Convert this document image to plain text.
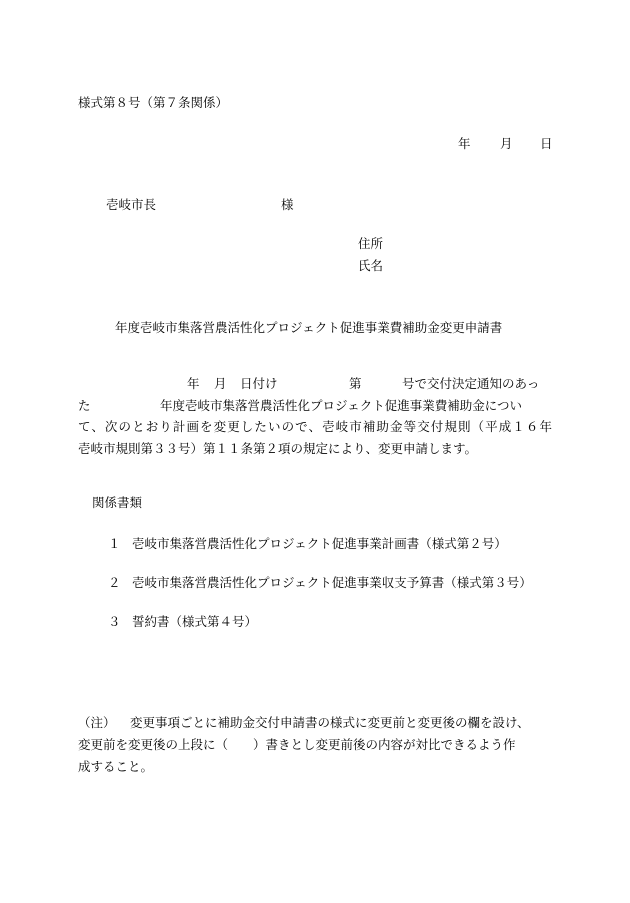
様式第８号（第７条関係）
年 月 日
壱岐市長	様
住所
氏名
年度壱岐市集落営農活性化プロジェクト促進事業費補助金変更申請書
年 月 日付け	第	号で交付決定通知のあっ
た	年度壱岐市集落営農活性化プロジェクト促進事業費補助金につい
て、次のとおり計画を変更したいので、壱岐市補助金等交付規則（平成１６年
壱岐市規則第３３号）第１１条第２項の規定により、変更申請します。
関係書類
１ 壱岐市集落営農活性化プロジェクト促進事業計画書（様式第２号）
２ 壱岐市集落営農活性化プロジェクト促進事業収支予算書（様式第３号）
３ 誓約書（様式第４号）
（注） 変更事項ごとに補助金交付申請書の様式に変更前と変更後の欄を設け、
変更前を変更後の上段に（　　）書きとし変更前後の内容が対比できるよう作
成すること。
